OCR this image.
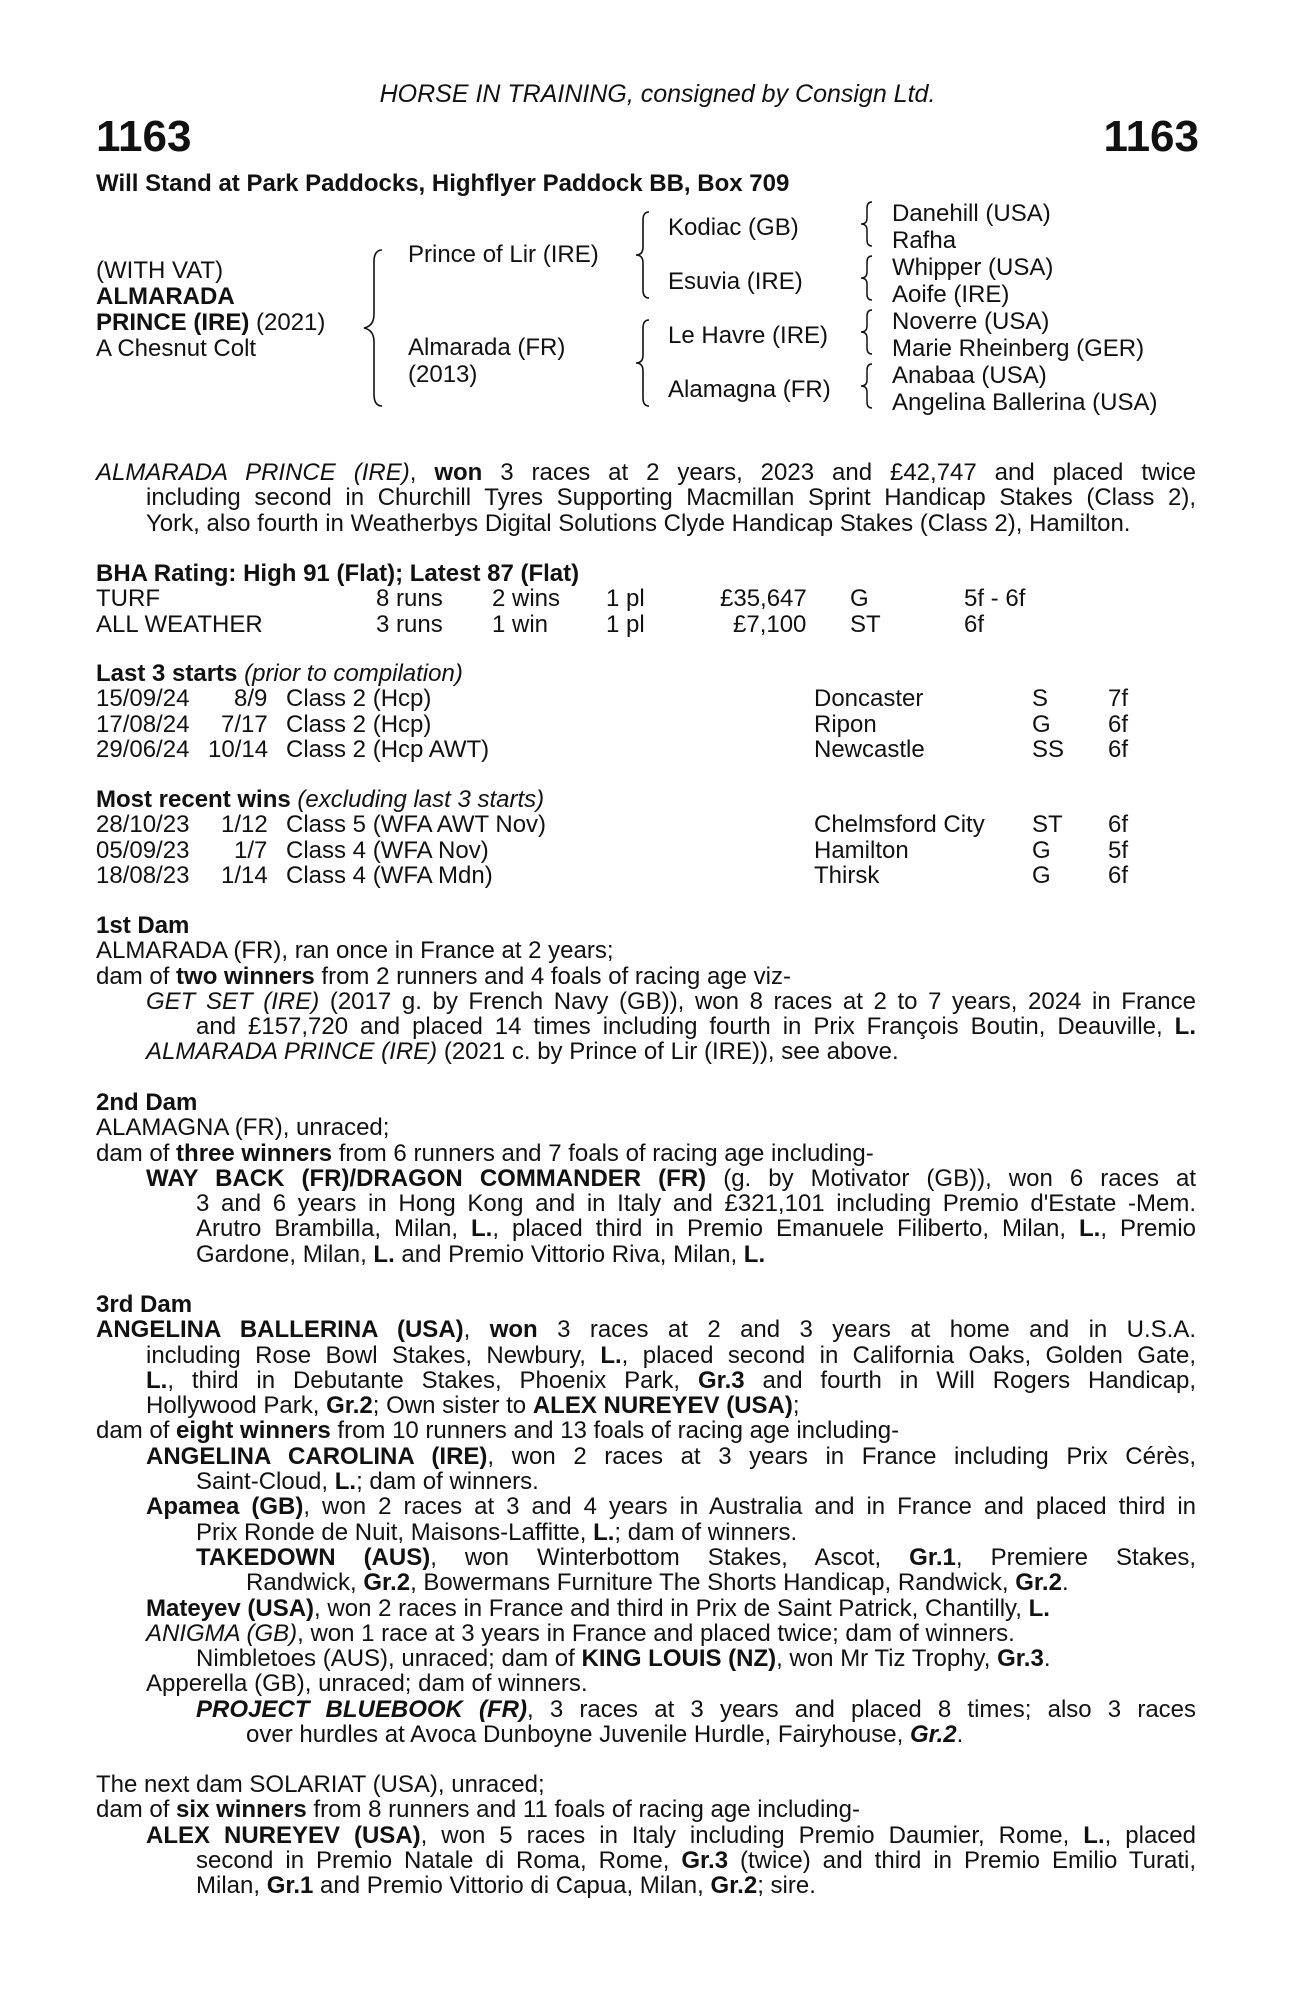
HORSE IN TRAINING, consigned by Consign Ltd.
1163	1163
Will Stand at Park Paddocks, Highflyer Paddock BB, Box 709
(WITH VAT)
ALMARADA
PRINCE (IRE) (2021)
A Chesnut Colt
Prince of Lir (IRE)
Almarada (FR)
(2013)
Kodiac (GB)
Esuvia (IRE)
Le Havre (IRE)
Alamagna (FR)
Danehill (USA)
Rafha
Whipper (USA)
Aoife (IRE)
Noverre (USA)
Marie Rheinberg (GER)
Anabaa (USA)
Angelina Ballerina (USA)
ALMARADA PRINCE (IRE), won 3 races at 2 years, 2023 and £42,747 and placed twice
including second in Churchill Tyres Supporting Macmillan Sprint Handicap Stakes (Class 2),
York, also fourth in Weatherbys Digital Solutions Clyde Handicap Stakes (Class 2), Hamilton.
BHA Rating: High 91 (Flat); Latest 87 (Flat)
TURF	8 runs 2 wins 1 pl	£35,647 G	5f - 6f
ALL WEATHER	3 runs 1 win 1 pl	£7,100 ST	6f
Last 3 starts (prior to compilation)
15/09/24 8/9 Class 2 (Hcp)	Doncaster	S 7f
17/08/24 7/17 Class 2 (Hcp)	Ripon	G 6f
29/06/24 10/14 Class 2 (Hcp AWT)	Newcastle	SS 6f
Most recent wins (excluding last 3 starts)
28/10/23 1/12 Class 5 (WFA AWT Nov)	Chelmsford City ST 6f
05/09/23 1/7 Class 4 (WFA Nov)	Hamilton	G 5f
18/08/23 1/14 Class 4 (WFA Mdn)	Thirsk	G 6f
1st Dam
ALMARADA (FR), ran once in France at 2 years;
dam of two winners from 2 runners and 4 foals of racing age viz-
GET SET (IRE) (2017 g. by French Navy (GB)), won 8 races at 2 to 7 years, 2024 in France
and £157,720 and placed 14 times including fourth in Prix François Boutin, Deauville, L.
ALMARADA PRINCE (IRE) (2021 c. by Prince of Lir (IRE)), see above.
2nd Dam
ALAMAGNA (FR), unraced;
dam of three winners from 6 runners and 7 foals of racing age including-
WAY BACK (FR)/DRAGON COMMANDER (FR) (g. by Motivator (GB)), won 6 races at
3 and 6 years in Hong Kong and in Italy and £321,101 including Premio d'Estate -Mem.
Arutro Brambilla, Milan, L., placed third in Premio Emanuele Filiberto, Milan, L., Premio
Gardone, Milan, L. and Premio Vittorio Riva, Milan, L.
3rd Dam
ANGELINA BALLERINA (USA), won 3 races at 2 and 3 years at home and in U.S.A.
including Rose Bowl Stakes, Newbury, L., placed second in California Oaks, Golden Gate,
L., third in Debutante Stakes, Phoenix Park, Gr.3 and fourth in Will Rogers Handicap,
Hollywood Park, Gr.2; Own sister to ALEX NUREYEV (USA);
dam of eight winners from 10 runners and 13 foals of racing age including-
ANGELINA CAROLINA (IRE), won 2 races at 3 years in France including Prix Cérès,
Saint-Cloud, L.; dam of winners.
Apamea (GB), won 2 races at 3 and 4 years in Australia and in France and placed third in
Prix Ronde de Nuit, Maisons-Laffitte, L.; dam of winners.
TAKEDOWN (AUS), won Winterbottom Stakes, Ascot, Gr.1, Premiere Stakes,
Randwick, Gr.2, Bowermans Furniture The Shorts Handicap, Randwick, Gr.2.
Mateyev (USA), won 2 races in France and third in Prix de Saint Patrick, Chantilly, L.
ANIGMA (GB), won 1 race at 3 years in France and placed twice; dam of winners.
Nimbletoes (AUS), unraced; dam of KING LOUIS (NZ), won Mr Tiz Trophy, Gr.3.
Apperella (GB), unraced; dam of winners.
PROJECT BLUEBOOK (FR), 3 races at 3 years and placed 8 times; also 3 races
over hurdles at Avoca Dunboyne Juvenile Hurdle, Fairyhouse, Gr.2.
The next dam SOLARIAT (USA), unraced;
dam of six winners from 8 runners and 11 foals of racing age including-
ALEX NUREYEV (USA), won 5 races in Italy including Premio Daumier, Rome, L., placed
second in Premio Natale di Roma, Rome, Gr.3 (twice) and third in Premio Emilio Turati,
Milan, Gr.1 and Premio Vittorio di Capua, Milan, Gr.2; sire.
